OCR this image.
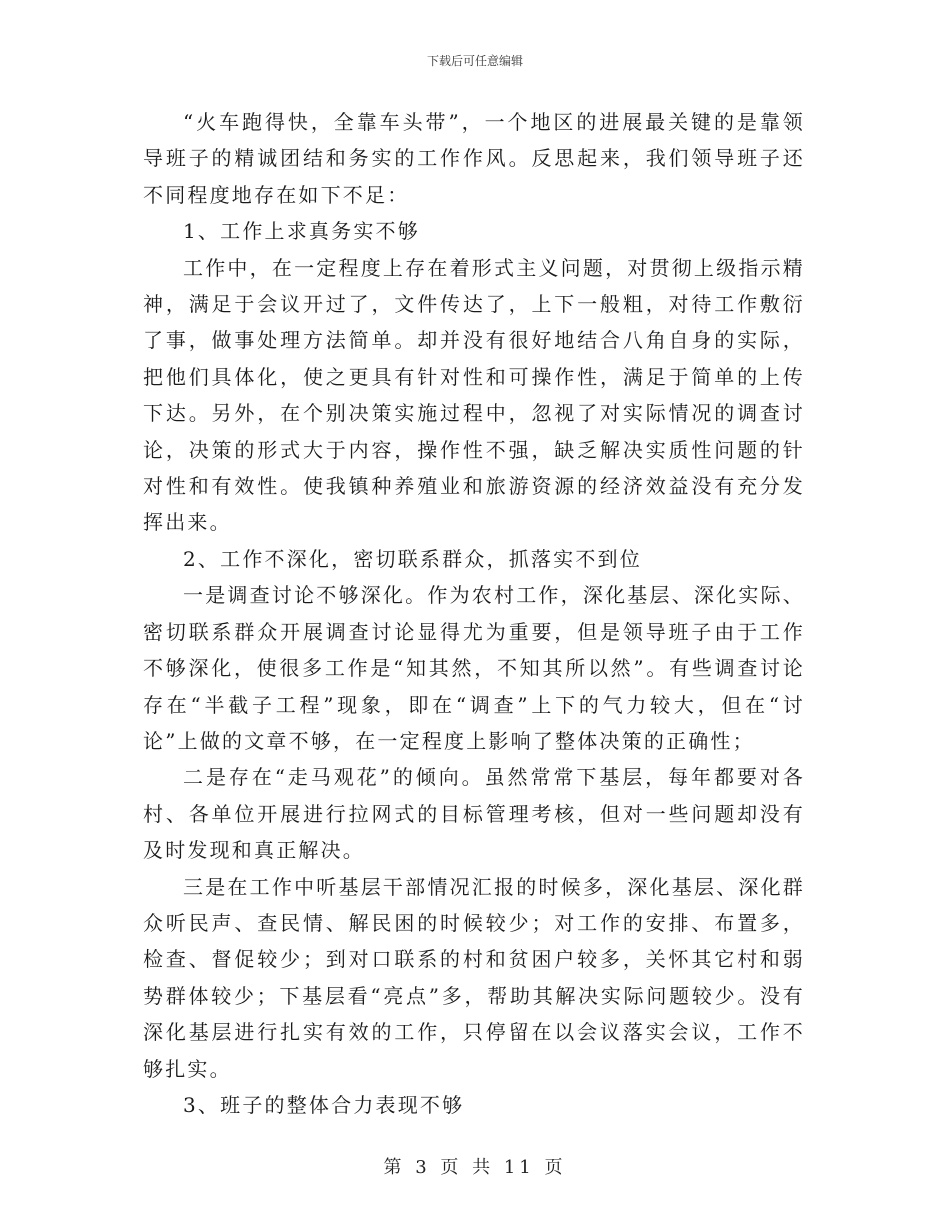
下载后可任意编辑

“火车跑得快，全靠车头带”，一个地区的进展最关键的是靠领导班子的精诚团结和务实的工作作风。反思起来，我们领导班子还不同程度地存在如下不足：

1、工作上求真务实不够

工作中，在一定程度上存在着形式主义问题，对贯彻上级指示精神，满足于会议开过了，文件传达了，上下一般粗，对待工作敷衍了事，做事处理方法简单。却并没有很好地结合八角自身的实际，把他们具体化，使之更具有针对性和可操作性，满足于简单的上传下达。另外，在个别决策实施过程中，忽视了对实际情况的调查讨论，决策的形式大于内容，操作性不强，缺乏解决实质性问题的针对性和有效性。使我镇种养殖业和旅游资源的经济效益没有充分发挥出来。

2、工作不深化，密切联系群众，抓落实不到位

一是调查讨论不够深化。作为农村工作，深化基层、深化实际、密切联系群众开展调查讨论显得尤为重要，但是领导班子由于工作不够深化，使很多工作是“知其然，不知其所以然”。有些调查讨论存在“半截子工程”现象，即在“调查”上下的气力较大，但在“讨论”上做的文章不够，在一定程度上影响了整体决策的正确性；

二是存在“走马观花”的倾向。虽然常常下基层，每年都要对各村、各单位开展进行拉网式的目标管理考核，但对一些问题却没有及时发现和真正解决。

三是在工作中听基层干部情况汇报的时候多，深化基层、深化群众听民声、查民情、解民困的时候较少；对工作的安排、布置多，检查、督促较少；到对口联系的村和贫困户较多，关怀其它村和弱势群体较少；下基层看“亮点”多，帮助其解决实际问题较少。没有深化基层进行扎实有效的工作，只停留在以会议落实会议，工作不够扎实。

3、班子的整体合力表现不够

第 3 页 共 11 页
